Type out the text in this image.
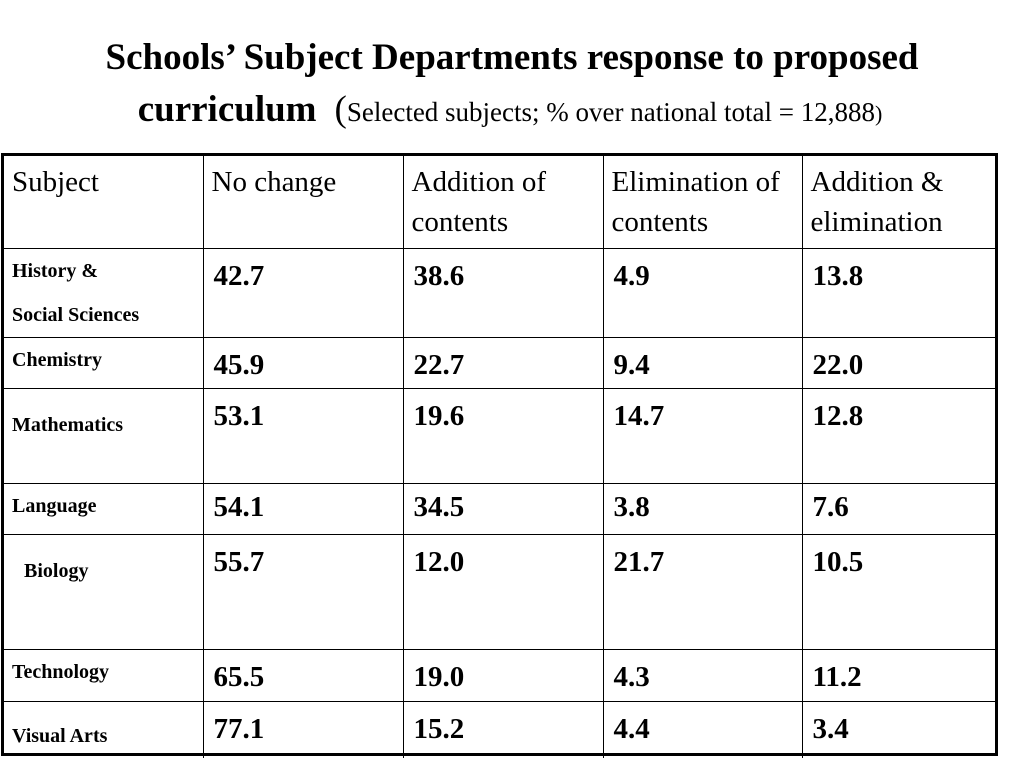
Schools’ Subject Departments response to proposed
curriculum (Selected subjects; % over national total = 12,888)
Subject	No change	Addition of contents	Elimination of contents	Addition & elimination

History &
Social Sciences	42.7	38.6	4.9	13.8
Chemistry	45.9	22.7	9.4	22.0
Mathematics	53.1	19.6	14.7	12.8
Language	54.1	34.5	3.8	7.6
Biology	55.7	12.0	21.7	10.5
Technology	65.5	19.0	4.3	11.2
Visual Arts	77.1	15.2	4.4	3.4
